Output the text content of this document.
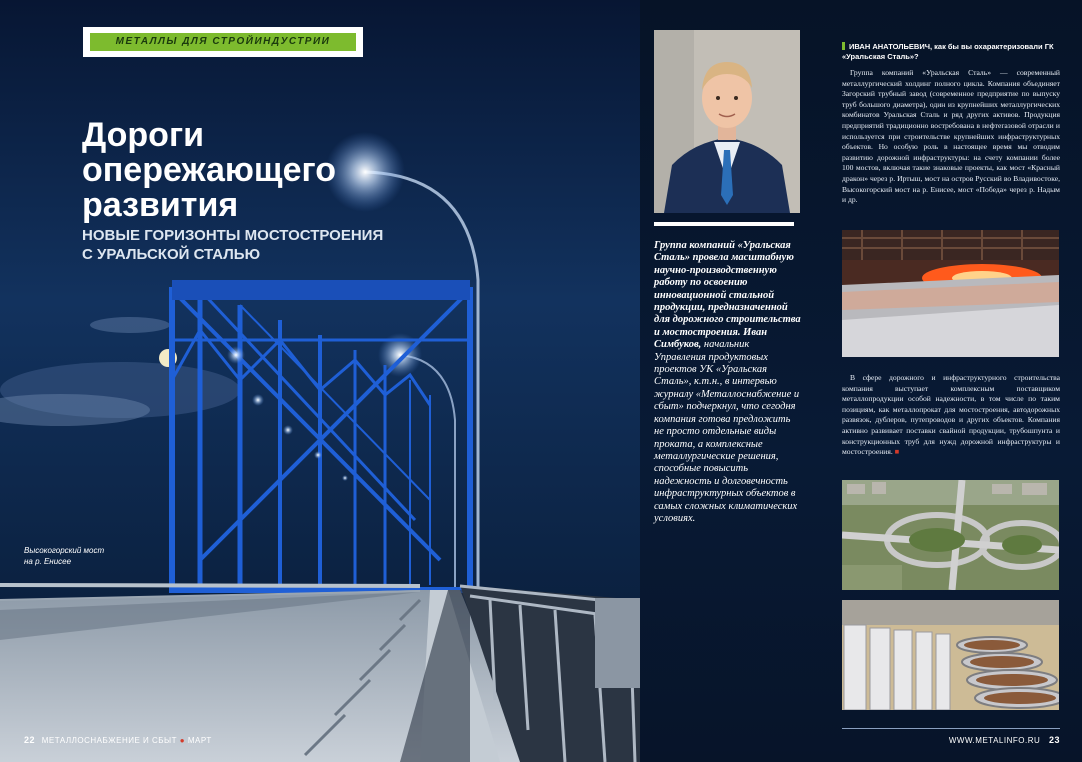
МЕТАЛЛЫ ДЛЯ СТРОЙИНДУСТРИИ
Дороги
опережающего
развития
НОВЫЕ ГОРИЗОНТЫ МОСТОСТРОЕНИЯ
С УРАЛЬСКОЙ СТАЛЬЮ
Высокогорский мост
на р. Енисее
22 МЕТАЛЛОСНАБЖЕНИЕ И СБЫТ ● МАРТ
Группа компаний «Уральская Сталь» провела масштабную научно-производственную работу по освоению инновационной стальной продукции, предназначенной для дорожного строительства и мостостроения. Иван Симбуков, начальник Управления продуктовых проектов УК «Уральская Сталь», к.т.н., в интервью журналу «Металлоснабжение и сбыт» подчеркнул, что сегодня компания готова предложить не просто отдельные виды проката, а комплексные металлургические решения, способные повысить надежность и долговечность инфраструктурных объектов в самых сложных климатических условиях.
ИВАН АНАТОЛЬЕВИЧ, как бы вы охарактеризовали ГК «Уральская Сталь»?
Группа компаний «Уральская Сталь» — современный металлургический холдинг полного цикла. Компания объединяет Загорский трубный завод (современное предприятие по выпуску труб большого диаметра), один из крупнейших металлургических комбинатов Уральская Сталь и ряд других активов. Продукция предприятий традиционно востребована в нефтегазовой отрасли и используется при строительстве крупнейших инфраструктурных объектов. Но особую роль в настоящее время мы отводим развитию дорожной инфраструктуры: на счету компании более 100 мостов, включая такие знаковые проекты, как мост «Красный дракон» через р. Иртыш, мост на остров Русский во Владивостоке, Высокогорский мост на р. Енисее, мост «Победа» через р. Надым и др.
В сфере дорожного и инфраструктурного строительства компания выступает комплексным поставщиком металлопродукции особой надежности, в том числе по таким позициям, как металлопрокат для мостостроения, автодорожных развязок, дублеров, путепроводов и других объектов. Компания активно развивает поставки свайной продукции, трубошпунта и конструкционных труб для нужд дорожной инфраструктуры и мостостроения. ■
WWW.METALINFO.RU 23
